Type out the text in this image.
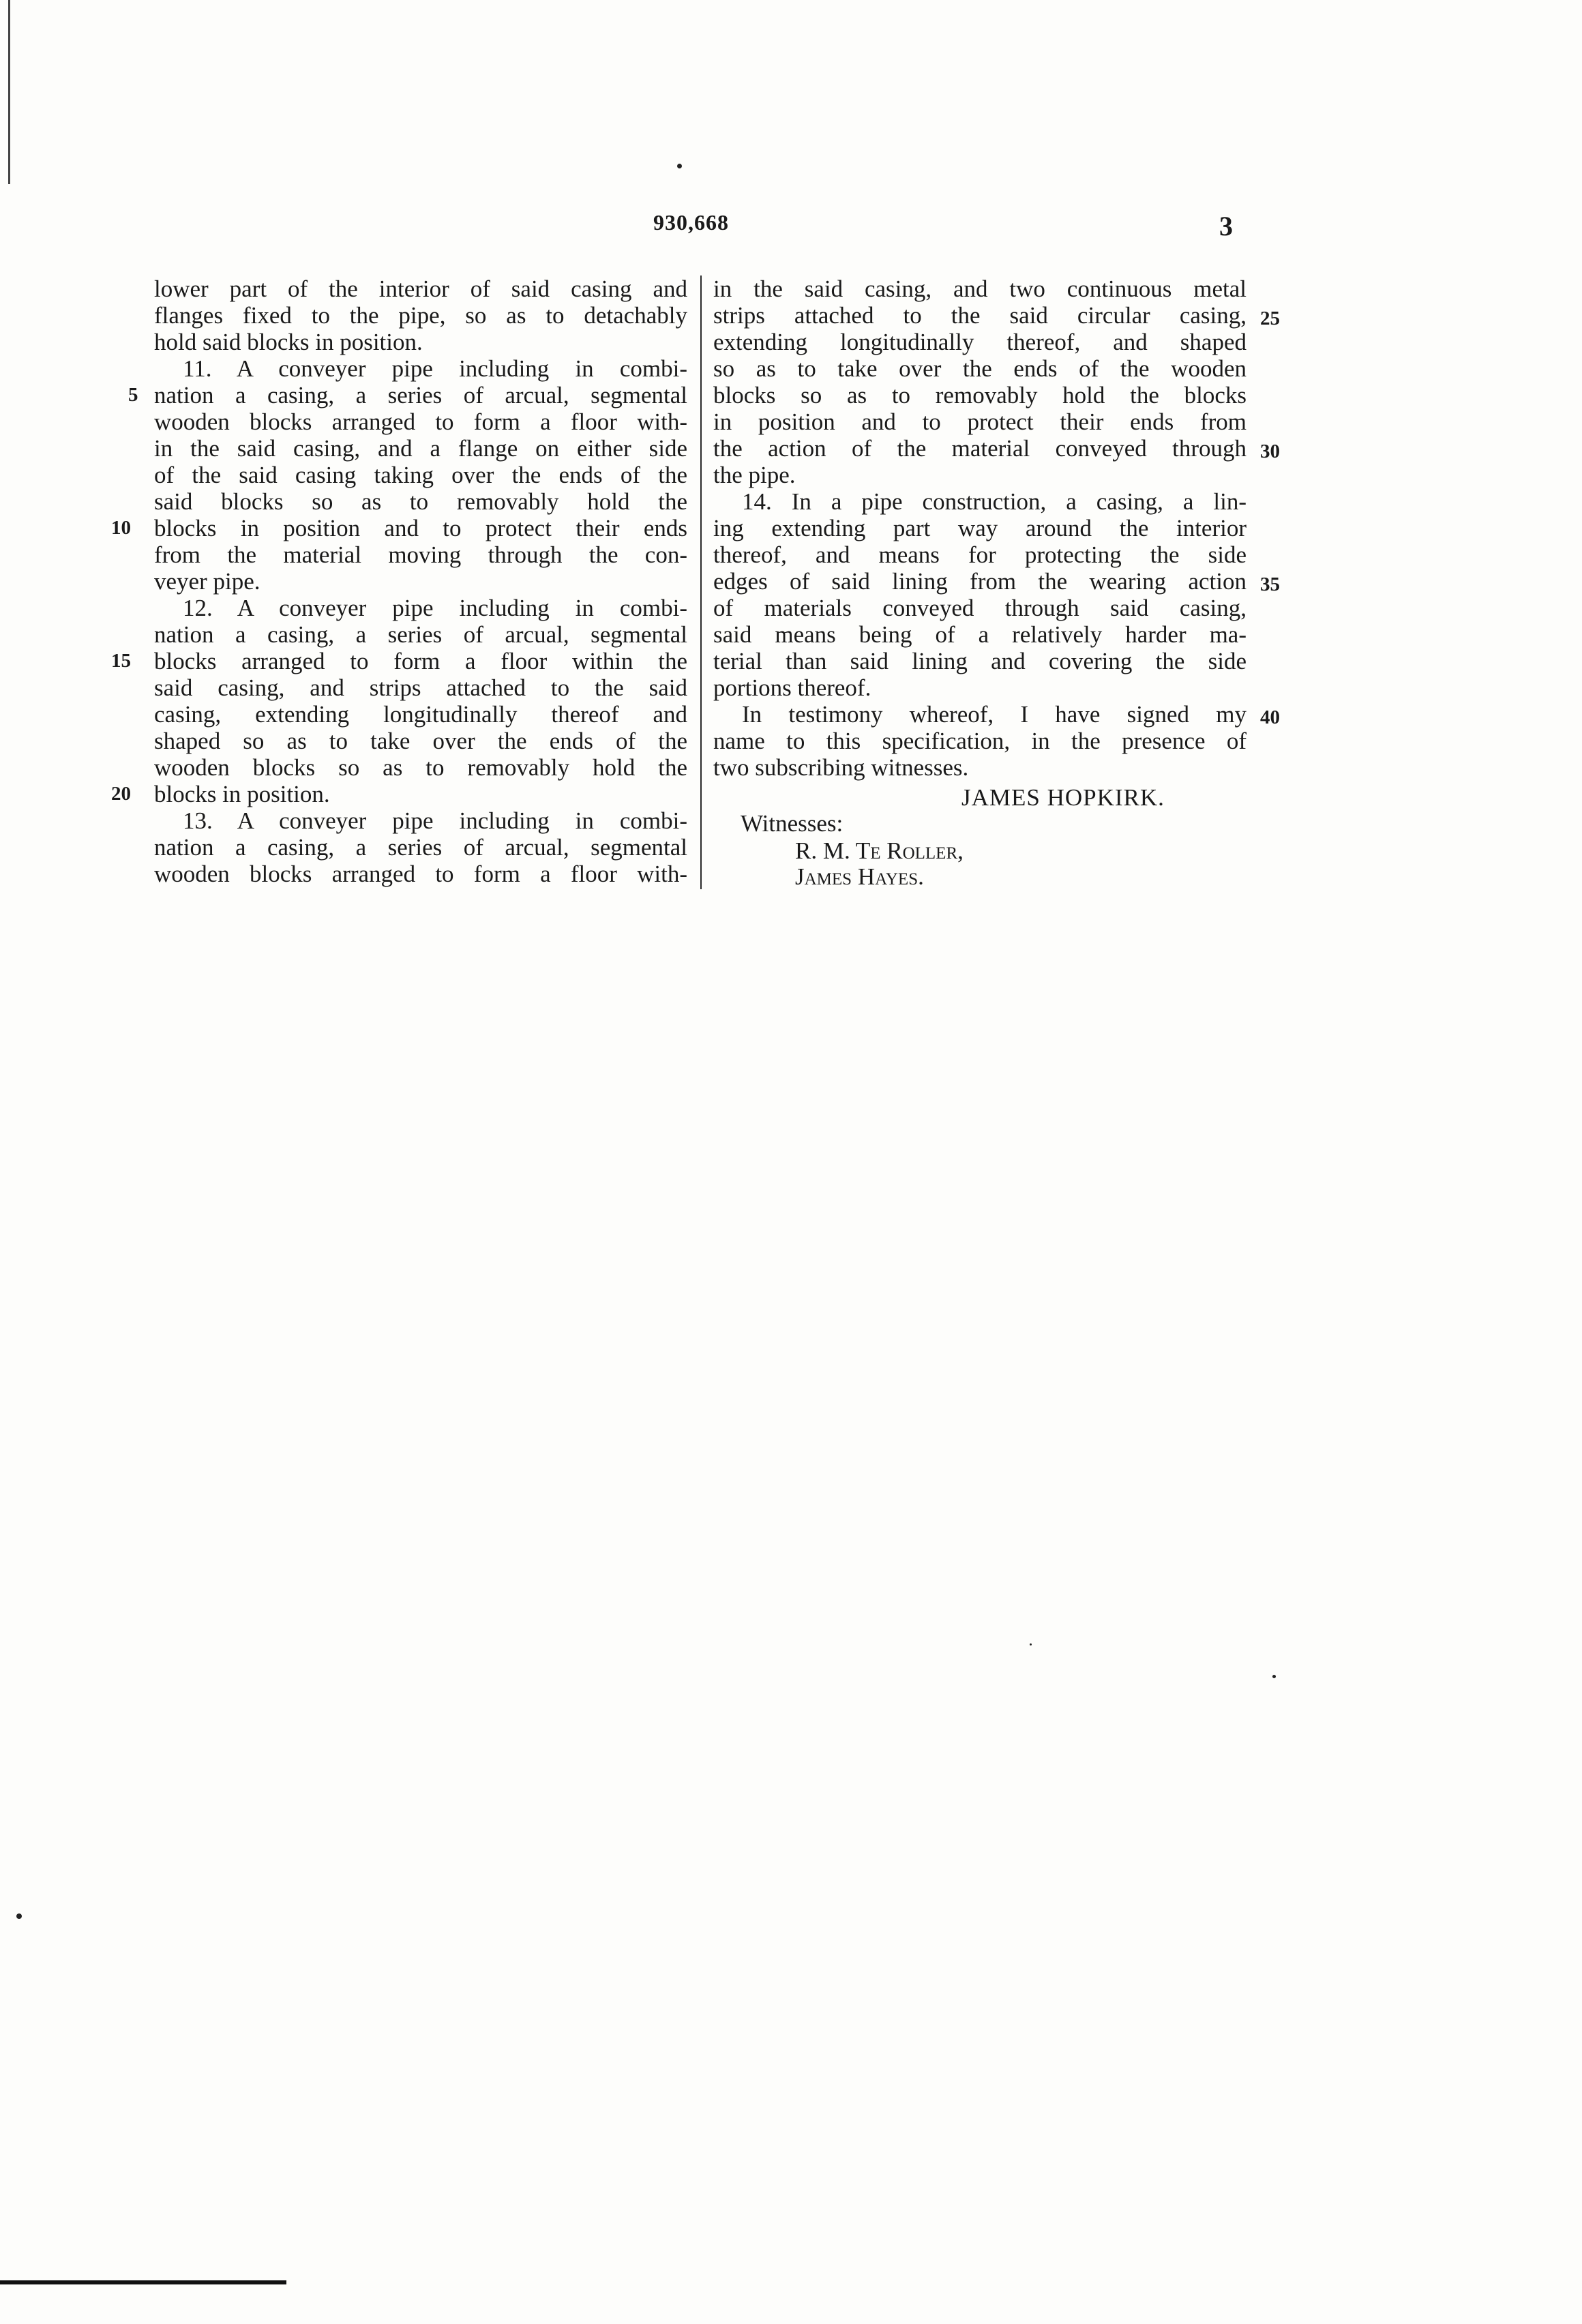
930,668	3
lower part of the interior of said casing and
flanges fixed to the pipe, so as to detachably
hold said blocks in position.
11. A conveyer pipe including in combi-
nation a casing, a series of arcual, segmental
wooden blocks arranged to form a floor with-
in the said casing, and a flange on either side
of the said casing taking over the ends of the
said blocks so as to removably hold the
blocks in position and to protect their ends
from the material moving through the con-
veyer pipe.
12. A conveyer pipe including in combi-
nation a casing, a series of arcual, segmental
blocks arranged to form a floor within the
said casing, and strips attached to the said
casing, extending longitudinally thereof and
shaped so as to take over the ends of the
wooden blocks so as to removably hold the
blocks in position.
13. A conveyer pipe including in combi-
nation a casing, a series of arcual, segmental
wooden blocks arranged to form a floor with-
5
10
15
20
in the said casing, and two continuous metal
strips attached to the said circular casing,
extending longitudinally thereof, and shaped
so as to take over the ends of the wooden
blocks so as to removably hold the blocks
in position and to protect their ends from
the action of the material conveyed through
the pipe.
14. In a pipe construction, a casing, a lin-
ing extending part way around the interior
thereof, and means for protecting the side
edges of said lining from the wearing action
of materials conveyed through said casing,
said means being of a relatively harder ma-
terial than said lining and covering the side
portions thereof.
In testimony whereof, I have signed my
name to this specification, in the presence of
two subscribing witnesses.
25
30
35
40
JAMES HOPKIRK.
Witnesses:
R. M. Te Roller,
James Hayes.
